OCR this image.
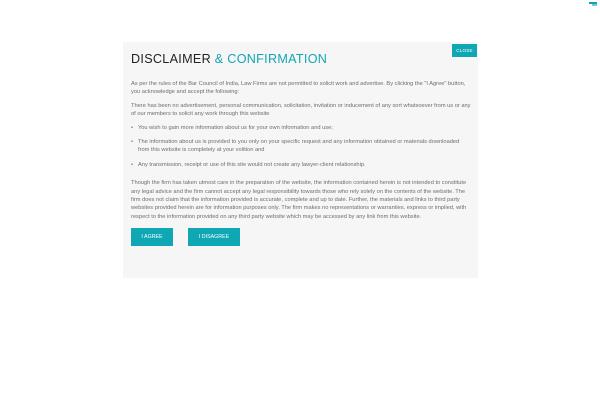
CLOSE
DISCLAIMER & CONFIRMATION

As per the rules of the Bar Council of India, Law Firms are not permitted to solicit work and advertise. By clicking the "I Agree" button, you acknowledge and accept the following:

There has been no advertisement, personal communication, solicitation, invitation or inducement of any sort whatsoever from us or any of our members to solicit any work through this website

• You wish to gain more information about us for your own information and use;
• The information about us is provided to you only on your specific request and any information obtained or materials downloaded from this website is completely at your volition and
• Any transmission, receipt or use of this site would not create any lawyer-client relationship.

Though the firm has taken utmost care in the preparation of the website, the information contained herein is not intended to constitute any legal advice and the firm cannot accept any legal responsibility towards those who rely solely on the contents of the website. The firm does not claim that the information provided is accurate, complete and up to date. Further, the materials and links to third party websites provided herein are for information purposes only. The firm makes no representations or warranties, express or implied, with respect to the information provided on any third party website which may be accessed by any link from this website.

I AGREE	I DISAGREE
